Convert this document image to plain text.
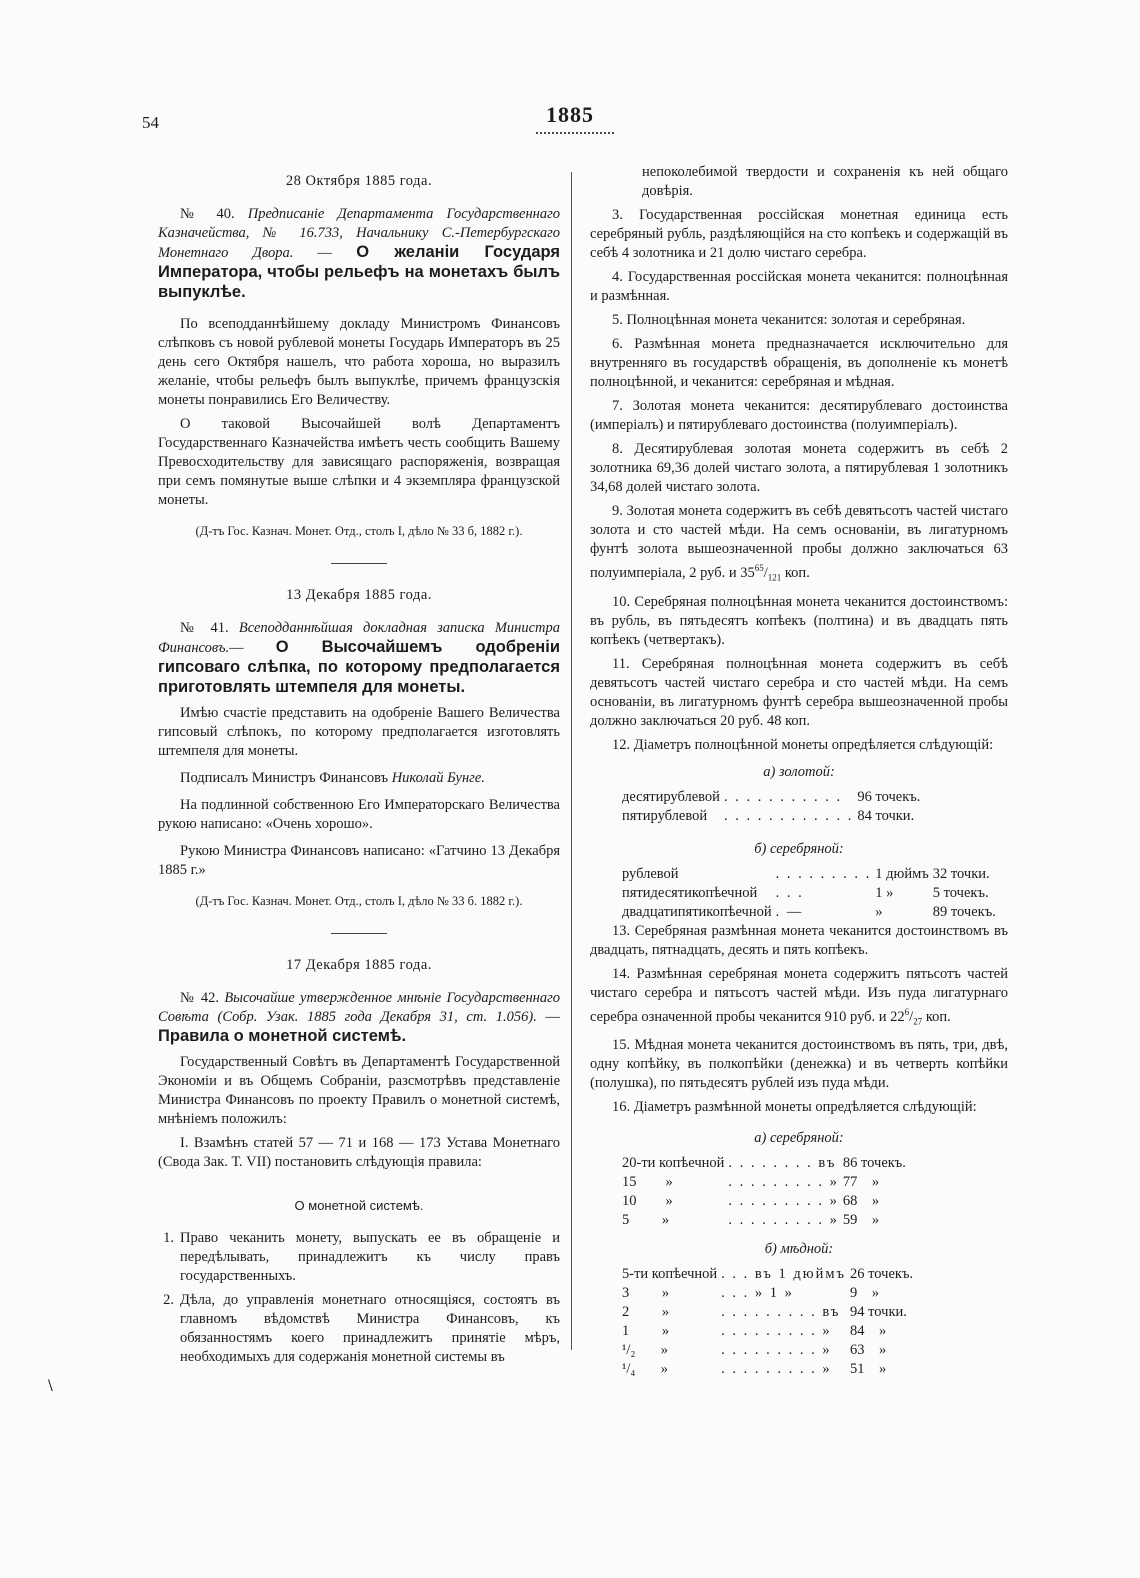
54	1885
28 Октября 1885 года.
№ 40. Предписаніе Департамента Государственнаго Казначейства, № 16.733, Начальнику С.-Петербургскаго Монетнаго Двора. — О желаніи Государя Императора, чтобы рельефъ на монетахъ былъ выпуклѣе.

По всеподданнѣйшему докладу Министромъ Финансовъ слѣпковъ съ новой рублевой монеты Государь Императоръ въ 25 день сего Октября нашелъ, что работа хороша, но выразилъ желаніе, чтобы рельефъ былъ выпуклѣе, причемъ французскія монеты понравились Его Величеству.

О таковой Высочайшей волѣ Департаментъ Государственнаго Казначейства имѣетъ честь сообщить Вашему Превосходительству для зависящаго распоряженія, возвращая при семъ помянутые выше слѣпки и 4 экземпляра французской монеты.

(Д-тъ Гос. Казнач. Монет. Отд., столъ I, дѣло № 33 б, 1882 г.).
13 Декабря 1885 года.
№ 41. Всеподданнѣйшая докладная записка Министра Финансовъ.— О Высочайшемъ одобреніи гипсоваго слѣпка, по которому предполагается приготовлять штемпеля для монеты.

Имѣю счастіе представить на одобреніе Вашего Величества гипсовый слѣпокъ, по которому предполагается изготовлять штемпеля для монеты.

Подписалъ Министръ Финансовъ Николай Бунге.

На подлинной собственною Его Императорскаго Величества рукою написано: «Очень хорошо».

Рукою Министра Финансовъ написано: «Гатчино 13 Декабря 1885 г.»

(Д-тъ Гос. Казнач. Монет. Отд., столъ I, дѣло № 33 б. 1882 г.).
17 Декабря 1885 года.
№ 42. Высочайше утвержденное мнѣніе Государственнаго Совѣта (Собр. Узак. 1885 года Декабря 31, ст. 1.056). — Правила о монетной системѣ.

Государственный Совѣтъ въ Департаментѣ Государственной Экономіи и въ Общемъ Собраніи, разсмотрѣвъ представленіе Министра Финансовъ по проекту Правилъ о монетной системѣ, мнѣніемъ положилъ:

I. Взамѣнъ статей 57 — 71 и 168 — 173 Устава Монетнаго (Свода Зак. Т. VII) постановить слѣдующія правила:

О монетной системѣ.
1. Право чеканить монету, выпускать ее въ обращеніе и передѣлывать, принадлежитъ къ числу правъ государственныхъ.
2. Дѣла, до управленія монетнаго относящіяся, состоятъ въ главномъ вѣдомствѣ Министра Финансовъ, къ обязанностямъ коего принадлежитъ принятіе мѣръ, необходимыхъ для содержанія монетной системы въ

непоколебимой твердости и сохраненія къ ней общаго довѣрія.

3. Государственная россійская монетная единица есть серебряный рубль, раздѣляющійся на сто копѣекъ и содержащій въ себѣ 4 золотника и 21 долю чистаго серебра.

4. Государственная россійская монета чеканится: полноцѣнная и размѣнная.

5. Полноцѣнная монета чеканится: золотая и серебряная.

6. Размѣнная монета предназначается исключительно для внутренняго въ государствѣ обращенія, въ дополненіе къ монетѣ полноцѣнной, и чеканится: серебряная и мѣдная.

7. Золотая монета чеканится: десятирублеваго достоинства (имперіалъ) и пятирублеваго достоинства (полуимперіалъ).

8. Десятирублевая золотая монета содержитъ въ себѣ 2 золотника 69,36 долей чистаго золота, а пятирублевая 1 золотникъ 34,68 долей чистаго золота.

9. Золотая монета содержитъ въ себѣ девятьсотъ частей чистаго золота и сто частей мѣди. На семъ основаніи, въ лигатурномъ фунтѣ золота вышеозначенной пробы должно заключаться 63 полуимперіала, 2 руб. и $35^{65}/_{121}$ коп.

10. Серебряная полноцѣнная монета чеканится достоинствомъ: въ рубль, въ пятьдесятъ копѣекъ (полтина) и въ двадцать пять копѣекъ (четвертакъ).

11. Серебряная полноцѣнная монета содержитъ въ себѣ девятьсотъ частей чистаго серебра и сто частей мѣди. На семъ основаніи, въ лигатурномъ фунтѣ серебра вышеозначенной пробы должно заключаться 20 руб. 48 коп.

12. Діаметръ полноцѣнной монеты опредѣляется слѣдующій:

а) золотой:
десятирублевой	. . . . . . . . . . .	96 точекъ.
пятирублевой	. . . . . . . . . . . .	84 точки.
б) серебряной:
рублевой	. . . . . . . . .	1 дюймъ	32 точки.
пятидесятикопѣечной	. . .	1 »	5 точекъ.
двадцатипятикопѣечной	. —	»	89 точекъ.

13. Серебряная размѣнная монета чеканится достоинствомъ въ двадцать, пятнадцать, десять и пять копѣекъ.

14. Размѣнная серебряная монета содержитъ пятьсотъ частей чистаго серебра и пятьсотъ частей мѣди. Изъ пуда лигатурнаго серебра означенной пробы чеканится 910 руб. и $22^6/_{27}$ коп.

15. Мѣдная монета чеканится достоинствомъ въ пять, три, двѣ, одну копѣйку, въ полкопѣйки (денежка) и въ четверть копѣйки (полушка), по пятьдесятъ рублей изъ пуда мѣди.

16. Діаметръ размѣнной монеты опредѣляется слѣдующій:

а) серебряной:
20-ти копѣечной	. . . . . . . . въ	86 точекъ.
15        »	. . . . . . . . . »	77    »
10        »	. . . . . . . . . »	68    »
5         »	. . . . . . . . . »	59    »
б) мѣдной:
5-ти копѣечной	. . . въ 1 дюймъ	26 точекъ.
3         »	. . . » 1 »	9    »
2         »	. . . . . . . . . въ	94 точки.
1         »	. . . . . . . . . »	84    »
¹/₂       »	. . . . . . . . . »	63    »
¹/₄       »	. . . . . . . . . »	51    »
\
